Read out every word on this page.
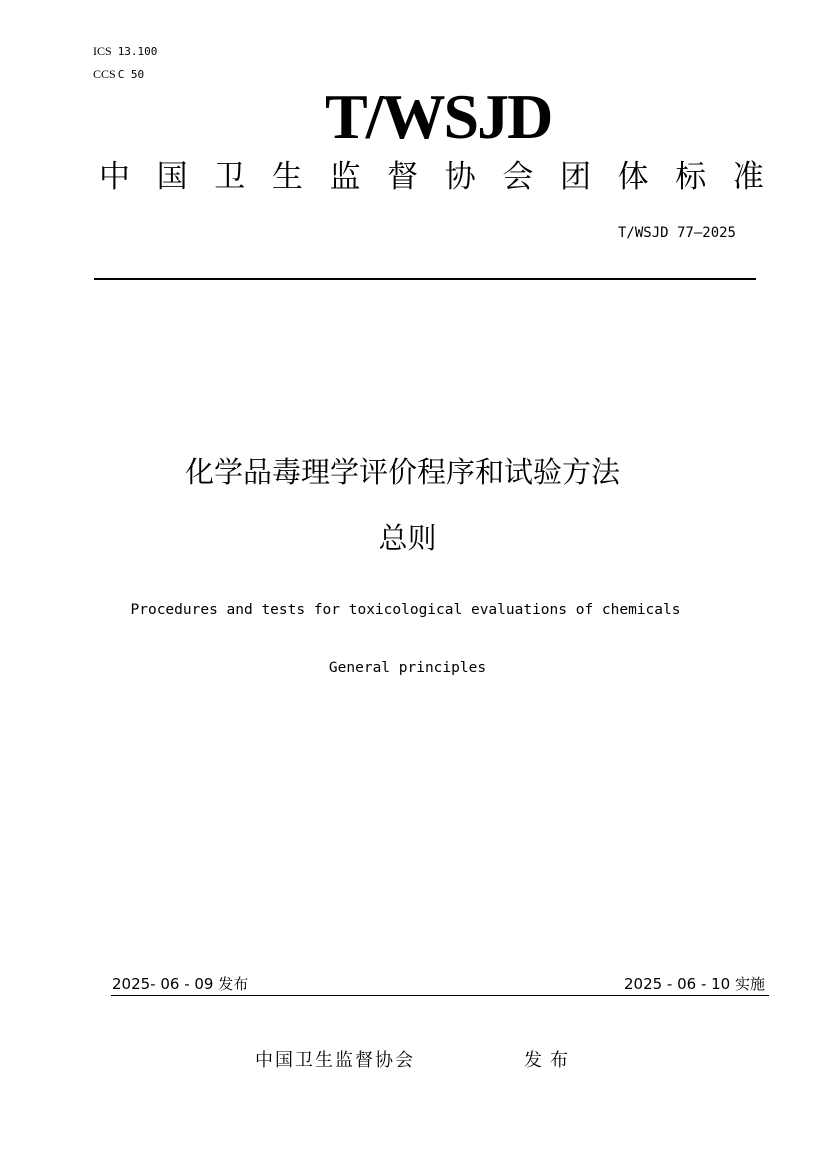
ICS 13.100
CCS C 50
T/WSJD
中 国 卫 生 监 督 协 会 团 体 标 准
T/WSJD 77—2025
化学品毒理学评价程序和试验方法
总则
Procedures and tests for toxicological evaluations of chemicals
General principles
2025- 06 - 09 发布	2025 - 06 - 10 实施
中国卫生监督协会	发布
